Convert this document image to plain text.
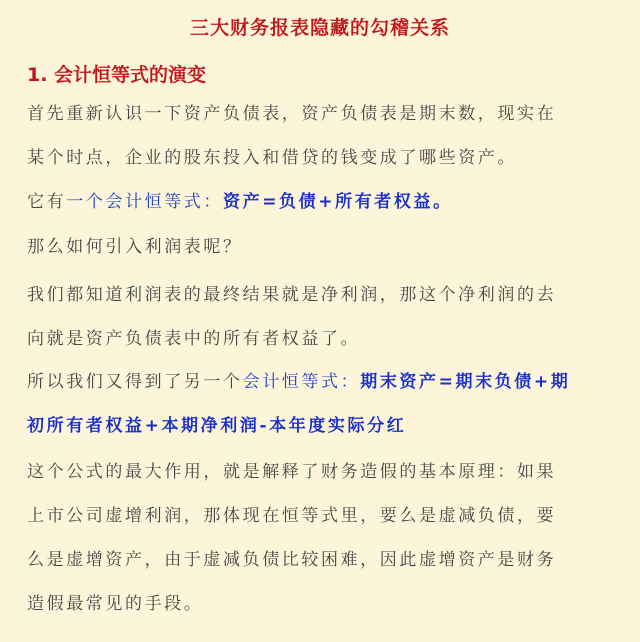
三大财务报表隐藏的勾稽关系
1. 会计恒等式的演变
首先重新认识一下资产负债表，资产负债表是期末数，现实在
某个时点，企业的股东投入和借贷的钱变成了哪些资产。
它有一个会计恒等式：资产=负债+所有者权益。
那么如何引入利润表呢？
我们都知道利润表的最终结果就是净利润，那这个净利润的去
向就是资产负债表中的所有者权益了。
所以我们又得到了另一个会计恒等式：期末资产=期末负债+期
初所有者权益+本期净利润-本年度实际分红
这个公式的最大作用，就是解释了财务造假的基本原理：如果
上市公司虚增利润，那体现在恒等式里，要么是虚减负债，要
么是虚增资产，由于虚减负债比较困难，因此虚增资产是财务
造假最常见的手段。
